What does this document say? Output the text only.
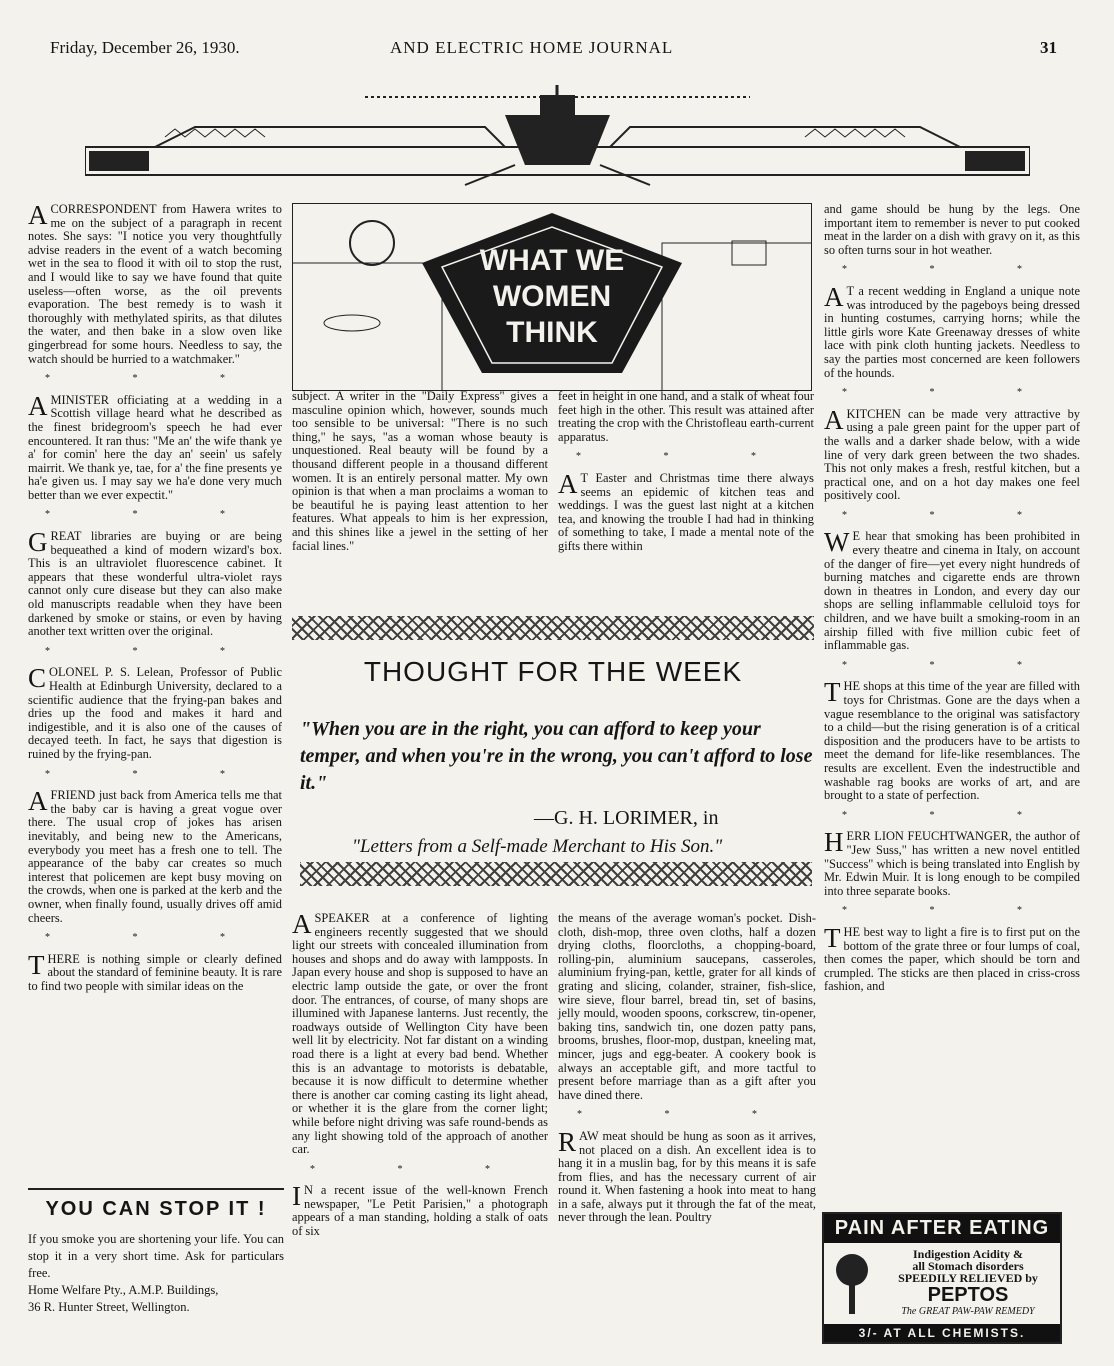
Friday, December 26, 1930.	AND ELECTRIC HOME JOURNAL	31

ACORRESPONDENT from Hawera writes to me on the subject of a paragraph in recent notes. She says: "I notice you very thoughtfully advise readers in the event of a watch becoming wet in the sea to flood it with oil to stop the rust, and I would like to say we have found that quite useless—often worse, as the oil prevents evaporation. The best remedy is to wash it thoroughly with methylated spirits, as that dilutes the water, and then bake in a slow oven like gingerbread for some hours. Needless to say, the watch should be hurried to a watchmaker."

* * *

AMINISTER officiating at a wedding in a Scottish village heard what he described as the finest bridegroom's speech he had ever encountered. It ran thus: "Me an' the wife thank ye a' for comin' here the day an' seein' us safely mairrit. We thank ye, tae, for a' the fine presents ye ha'e given us. I may say we ha'e done very much better than we ever expectit."

* * *

GREAT libraries are buying or are being bequeathed a kind of modern wizard's box. This is an ultraviolet fluorescence cabinet. It appears that these wonderful ultra-violet rays cannot only cure disease but they can also make old manuscripts readable when they have been darkened by smoke or stains, or even by having another text written over the original.

* * *

COLONEL P. S. Lelean, Professor of Public Health at Edinburgh University, declared to a scientific audience that the frying-pan bakes and dries up the food and makes it hard and indigestible, and it is also one of the causes of decayed teeth. In fact, he says that digestion is ruined by the frying-pan.

* * *

AFRIEND just back from America tells me that the baby car is having a great vogue over there. The usual crop of jokes has arisen inevitably, and being new to the Americans, everybody you meet has a fresh one to tell. The appearance of the baby car creates so much interest that policemen are kept busy moving on the crowds, when one is parked at the kerb and the owner, when finally found, usually drives off amid cheers.

* * *

THERE is nothing simple or clearly defined about the standard of feminine beauty. It is rare to find two people with similar ideas on the

YOU CAN STOP IT !
If you smoke you are shortening your life. You can stop it in a very short time. Ask for particulars free.
Home Welfare Pty., A.M.P. Buildings,
36 R. Hunter Street, Wellington.
WHAT WE
WOMEN
THINK

subject. A writer in the "Daily Express" gives a masculine opinion which, however, sounds much too sensible to be universal: "There is no such thing," he says, "as a woman whose beauty is unquestioned. Real beauty will be found by a thousand different people in a thousand different women. It is an entirely personal matter. My own opinion is that when a man proclaims a woman to be beautiful he is paying least attention to her features. What appeals to him is her expression, and this shines like a jewel in the setting of her facial lines."

feet in height in one hand, and a stalk of wheat four feet high in the other. This result was attained after treating the crop with the Christofleau earth-current apparatus.

* * *

A T Easter and Christmas time there always seems an epidemic of kitchen teas and weddings. I was the guest last night at a kitchen tea, and knowing the trouble I had had in thinking of something to take, I made a mental note of the gifts there within

THOUGHT FOR THE WEEK
"When you are in the right, you can afford to keep your temper, and when you're in the wrong, you can't afford to lose it."
—G. H. LORIMER, in
"Letters from a Self-made Merchant to His Son."

ASPEAKER at a conference of lighting engineers recently suggested that we should light our streets with concealed illumination from houses and shops and do away with lampposts. In Japan every house and shop is supposed to have an electric lamp outside the gate, or over the front door. The entrances, of course, of many shops are illumined with Japanese lanterns. Just recently, the roadways outside of Wellington City have been well lit by electricity. Not far distant on a winding road there is a light at every bad bend. Whether this is an advantage to motorists is debatable, because it is now difficult to determine whether there is another car coming casting its light ahead, or whether it is the glare from the corner light; while before night driving was safe round-bends as any light showing told of the approach of another car.

* * *

I N a recent issue of the well-known French newspaper, "Le Petit Parisien," a photograph appears of a man standing, holding a stalk of oats of six

the means of the average woman's pocket. Dish-cloth, dish-mop, three oven cloths, half a dozen drying cloths, floorcloths, a chopping-board, rolling-pin, aluminium saucepans, casseroles, aluminium frying-pan, kettle, grater for all kinds of grating and slicing, colander, strainer, fish-slice, wire sieve, flour barrel, bread tin, set of basins, jelly mould, wooden spoons, corkscrew, tin-opener, baking tins, sandwich tin, one dozen patty pans, brooms, brushes, floor-mop, dustpan, kneeling mat, mincer, jugs and egg-beater. A cookery book is always an acceptable gift, and more tactful to present before marriage than as a gift after you have dined there.

* * *

RAW meat should be hung as soon as it arrives, not placed on a dish. An excellent idea is to hang it in a muslin bag, for by this means it is safe from flies, and has the necessary current of air round it. When fastening a hook into meat to hang in a safe, always put it through the fat of the meat, never through the lean. Poultry

and game should be hung by the legs. One important item to remember is never to put cooked meat in the larder on a dish with gravy on it, as this so often turns sour in hot weather.

* * *

A T a recent wedding in England a unique note was introduced by the pageboys being dressed in hunting costumes, carrying horns; while the little girls wore Kate Greenaway dresses of white lace with pink cloth hunting jackets. Needless to say the parties most concerned are keen followers of the hounds.

* * *

AKITCHEN can be made very attractive by using a pale green paint for the upper part of the walls and a darker shade below, with a wide line of very dark green between the two shades. This not only makes a fresh, restful kitchen, but a practical one, and on a hot day makes one feel positively cool.

* * *

W E hear that smoking has been prohibited in every theatre and cinema in Italy, on account of the danger of fire—yet every night hundreds of burning matches and cigarette ends are thrown down in theatres in London, and every day our shops are selling inflammable celluloid toys for children, and we have built a smoking-room in an airship filled with five million cubic feet of inflammable gas.

* * *

THE shops at this time of the year are filled with toys for Christmas. Gone are the days when a vague resemblance to the original was satisfactory to a child—but the rising generation is of a critical disposition and the producers have to be artists to meet the demand for life-like resemblances. The results are excellent. Even the indestructible and washable rag books are works of art, and are brought to a state of perfection.

* * *

HERR LION FEUCHTWANGER, the author of "Jew Suss," has written a new novel entitled "Success" which is being translated into English by Mr. Edwin Muir. It is long enough to be compiled into three separate books.

* * *

THE best way to light a fire is to first put on the bottom of the grate three or four lumps of coal, then comes the paper, which should be torn and crumpled. The sticks are then placed in criss-cross fashion, and

PAIN AFTER EATING
Indigestion Acidity &
all Stomach disorders
SPEEDILY RELIEVED by
PEPTOS
The GREAT PAW-PAW REMEDY
3/- AT ALL CHEMISTS.
